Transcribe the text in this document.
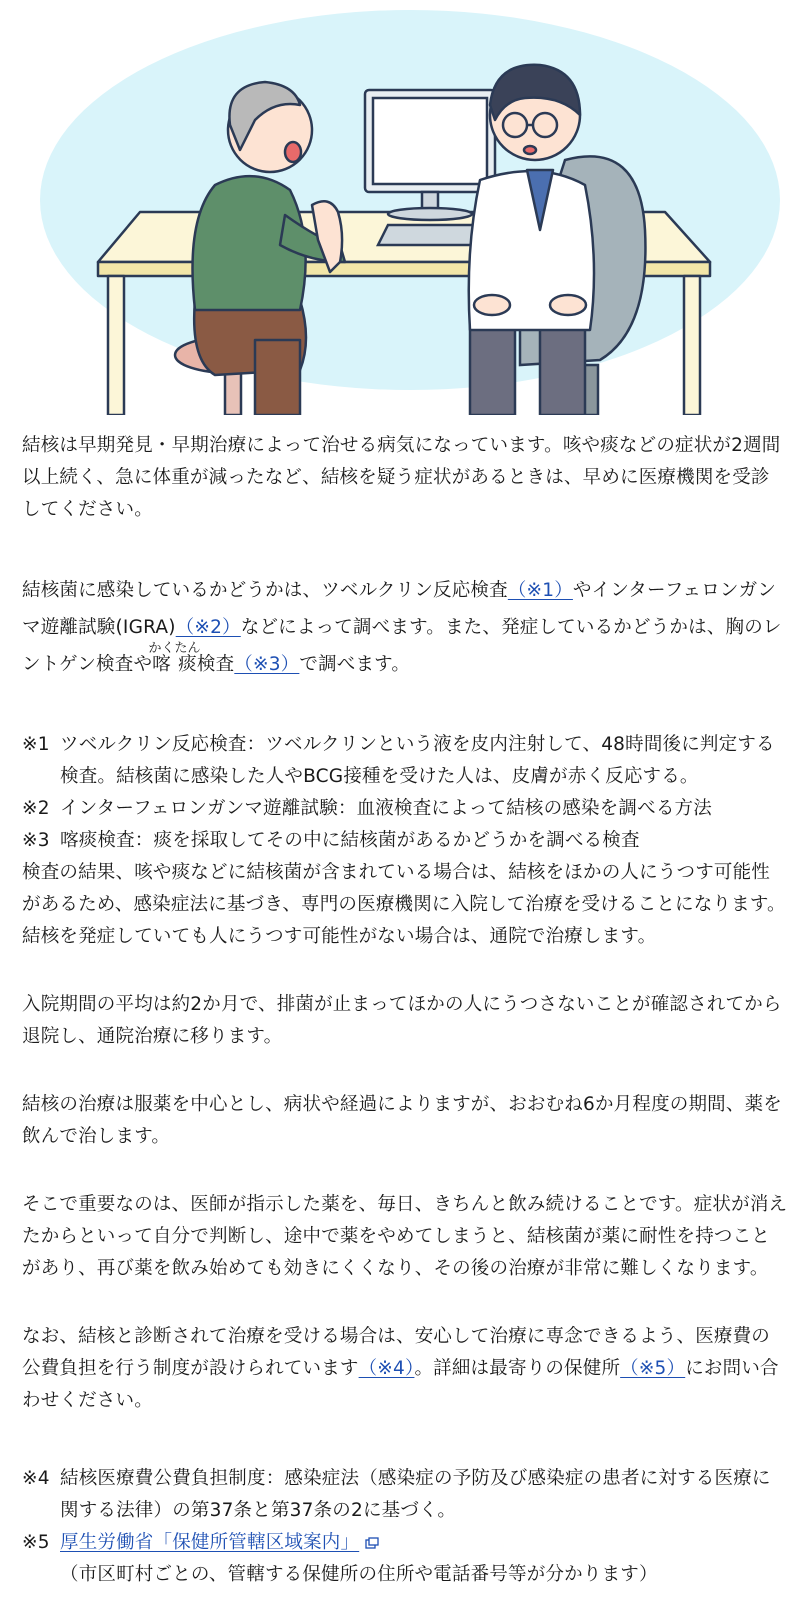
結核は早期発見・早期治療によって治せる病気になっています。咳や痰などの症状が2週間以上続く、急に体重が減ったなど、結核を疑う症状があるときは、早めに医療機関を受診してください。

結核菌に感染しているかどうかは、ツベルクリン反応検査（※1）やインターフェロンガンマ遊離試験(IGRA)（※2）などによって調べます。また、発症しているかどうかは、胸のレントゲン検査や喀痰かくたん検査（※3）で調べます。

※1 ツベルクリン反応検査：ツベルクリンという液を皮内注射して、48時間後に判定する検査。結核菌に感染した人やBCG接種を受けた人は、皮膚が赤く反応する。
※2 インターフェロンガンマ遊離試験：血液検査によって結核の感染を調べる方法
※3 喀痰検査：痰を採取してその中に結核菌があるかどうかを調べる検査

検査の結果、咳や痰などに結核菌が含まれている場合は、結核をほかの人にうつす可能性があるため、感染症法に基づき、専門の医療機関に入院して治療を受けることになります。結核を発症していても人にうつす可能性がない場合は、通院で治療します。

入院期間の平均は約2か月で、排菌が止まってほかの人にうつさないことが確認されてから退院し、通院治療に移ります。

結核の治療は服薬を中心とし、病状や経過によりますが、おおむね6か月程度の期間、薬を飲んで治します。

そこで重要なのは、医師が指示した薬を、毎日、きちんと飲み続けることです。症状が消えたからといって自分で判断し、途中で薬をやめてしまうと、結核菌が薬に耐性を持つことがあり、再び薬を飲み始めても効きにくくなり、その後の治療が非常に難しくなります。

なお、結核と診断されて治療を受ける場合は、安心して治療に専念できるよう、医療費の公費負担を行う制度が設けられています（※4）。詳細は最寄りの保健所（※5）にお問い合わせください。

※4 結核医療費公費負担制度：感染症法（感染症の予防及び感染症の患者に対する医療に関する法律）の第37条と第37条の2に基づく。
※5 厚生労働省「保健所管轄区域案内」
（市区町村ごとの、管轄する保健所の住所や電話番号等が分かります）
